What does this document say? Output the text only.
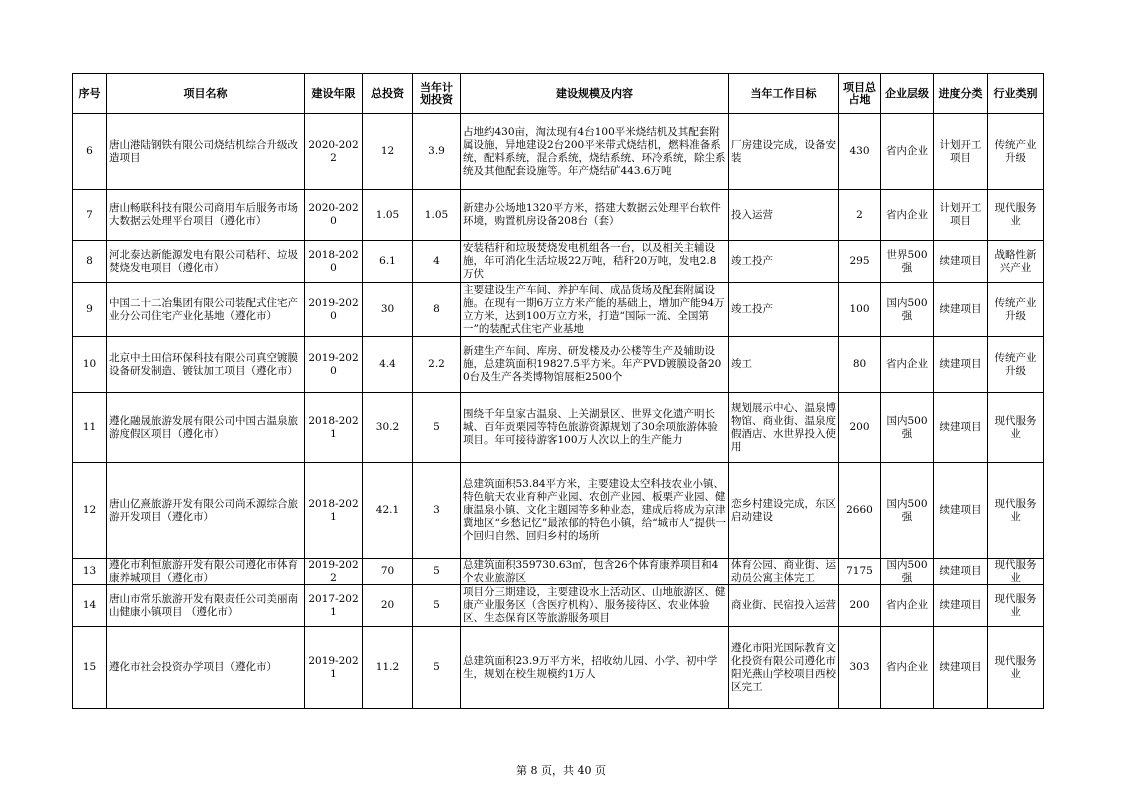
序号	项目名称	建设年限	总投资	当年计划投资	建设规模及内容	当年工作目标	项目总占地	企业层级	进度分类	行业类别

6	唐山港陆钢铁有限公司烧结机综合升级改造项目	2020-2022	12	3.9	占地约430亩，淘汰现有4台100平米烧结机及其配套附属设施，异地建设2台200平米带式烧结机，燃料准备系统，配料系统，混合系统，烧结系统、环冷系统，除尘系统及其他配套设施等。年产烧结矿443.6万吨	厂房建设完成，设备安装	430	省内企业	计划开工项目	传统产业升级

7	唐山畅联科技有限公司商用车后服务市场大数据云处理平台项目（遵化市）	2020-2020	1.05	1.05	新建办公场地1320平方米，搭建大数据云处理平台软件环境，购置机房设备208台（套）	投入运营	2	省内企业	计划开工项目	现代服务业

8	河北泰达新能源发电有限公司秸秆、垃圾焚烧发电项目（遵化市）	2018-2020	6.1	4	安装秸秆和垃圾焚烧发电机组各一台，以及相关主辅设施，年可消化生活垃圾22万吨，秸秆20万吨，发电2.8万伏	竣工投产	295	世界500强	续建项目	战略性新兴产业

9	中国二十二冶集团有限公司装配式住宅产业分公司住宅产业化基地（遵化市）	2019-2020	30	8	主要建设生产车间、养护车间、成品货场及配套附属设施。在现有一期6万立方米产能的基础上，增加产能94万立方米，达到100万立方米，打造“国际一流、全国第一”的装配式住宅产业基地	竣工投产	100	国内500强	续建项目	传统产业升级

10	北京中土田信环保科技有限公司真空镀膜设备研发制造、镀钛加工项目（遵化市）	2019-2020	4.4	2.2	新建生产车间、库房、研发楼及办公楼等生产及辅助设施，总建筑面积19827.5平方米。年产PVD镀膜设备200台及生产各类博物馆展柜2500个	竣工	80	省内企业	续建项目	传统产业升级

11	遵化融晟旅游发展有限公司中国古温泉旅游度假区项目（遵化市）	2018-2021	30.2	5	围绕千年皇家古温泉、上关湖景区、世界文化遗产明长城、百年贡栗园等特色旅游资源规划了30余项旅游体验项目。年可接待游客100万人次以上的生产能力	规划展示中心、温泉博物馆、商业街、温泉度假酒店、水世界投入使用	200	国内500强	续建项目	现代服务业

12	唐山亿熹旅游开发有限公司尚禾源综合旅游开发项目（遵化市）	2018-2021	42.1	3	总建筑面积53.84平方米，主要建设太空科技农业小镇、特色航天农业育种产业园、农创产业园、板栗产业园、健康温泉小镇、文化主题园等多种业态，建成后将成为京津冀地区“乡愁记忆”最浓郁的特色小镇，给“城市人”提供一个回归自然、回归乡村的场所	恋乡村建设完成，东区启动建设	2660	国内500强	续建项目	现代服务业

13	遵化市利恒旅游开发有限公司遵化市体育康养城项目（遵化市）	2019-2022	70	5	总建筑面积359730.63㎡，包含26个体育康养项目和4个农业旅游区	体育公园、商业街、运动员公寓主体完工	7175	国内500强	续建项目	现代服务业

14	唐山市常乐旅游开发有限责任公司美丽南山健康小镇项目 （遵化市）	2017-2021	20	5	项目分三期建设，主要建设水上活动区、山地旅游区、健康产业服务区（含医疗机构）、服务接待区、农业体验区、生态保育区等旅游服务项目	商业街、民宿投入运营	200	省内企业	续建项目	现代服务业

15	遵化市社会投资办学项目（遵化市）	2019-2021	11.2	5	总建筑面积23.9万平方米，招收幼儿园、小学、初中学生，规划在校生规模约1万人	遵化市阳光国际教育文化投资有限公司遵化市阳光燕山学校项目西校区完工	303	省内企业	续建项目	现代服务业
第 8 页，共 40 页
